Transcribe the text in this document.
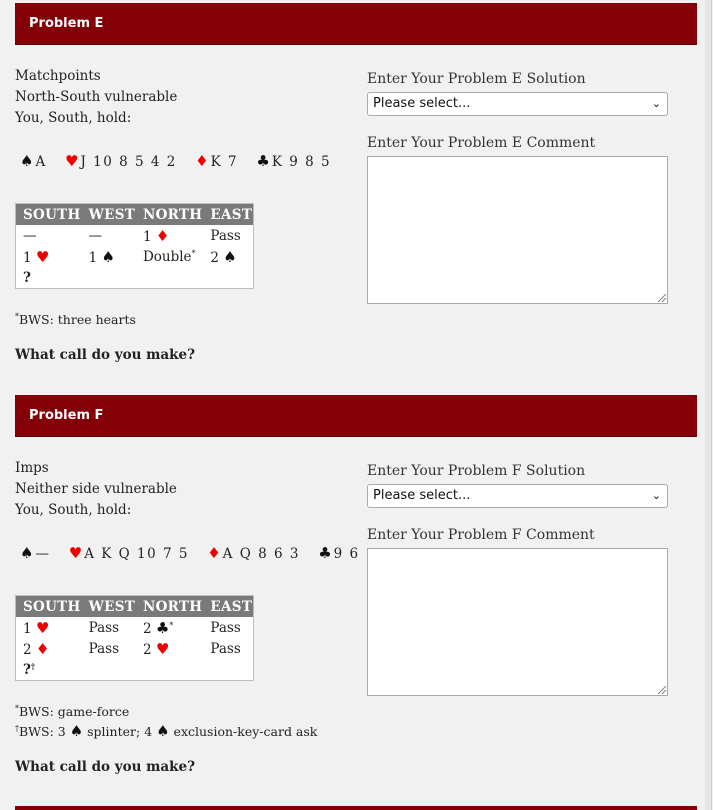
Problem E
Matchpoints
North-South vulnerable
You, South, hold:
♠ A ♥ J 10 8 5 4 2 ♦ K 7 ♣ K 9 8 5
SOUTH	WEST	NORTH	EAST
—	—	1 ♦	Pass
1 ♥	1 ♠	Double*	2 ♠
?			
*BWS: three hearts
What call do you make?
Enter Your Problem E Solution
Please select...	⌄
Enter Your Problem E Comment
Problem F
Imps
Neither side vulnerable
You, South, hold:
♠ — ♥ A K Q 10 7 5 ♦ A Q 8 6 3 ♣ 9 6
SOUTH	WEST	NORTH	EAST
1 ♥	Pass	2 ♣*	Pass
2 ♦	Pass	2 ♥	Pass
?†			
*BWS: game-force
†BWS: 3 ♠ splinter; 4 ♠ exclusion-key-card ask
What call do you make?
Enter Your Problem F Solution
Please select...	⌄
Enter Your Problem F Comment
